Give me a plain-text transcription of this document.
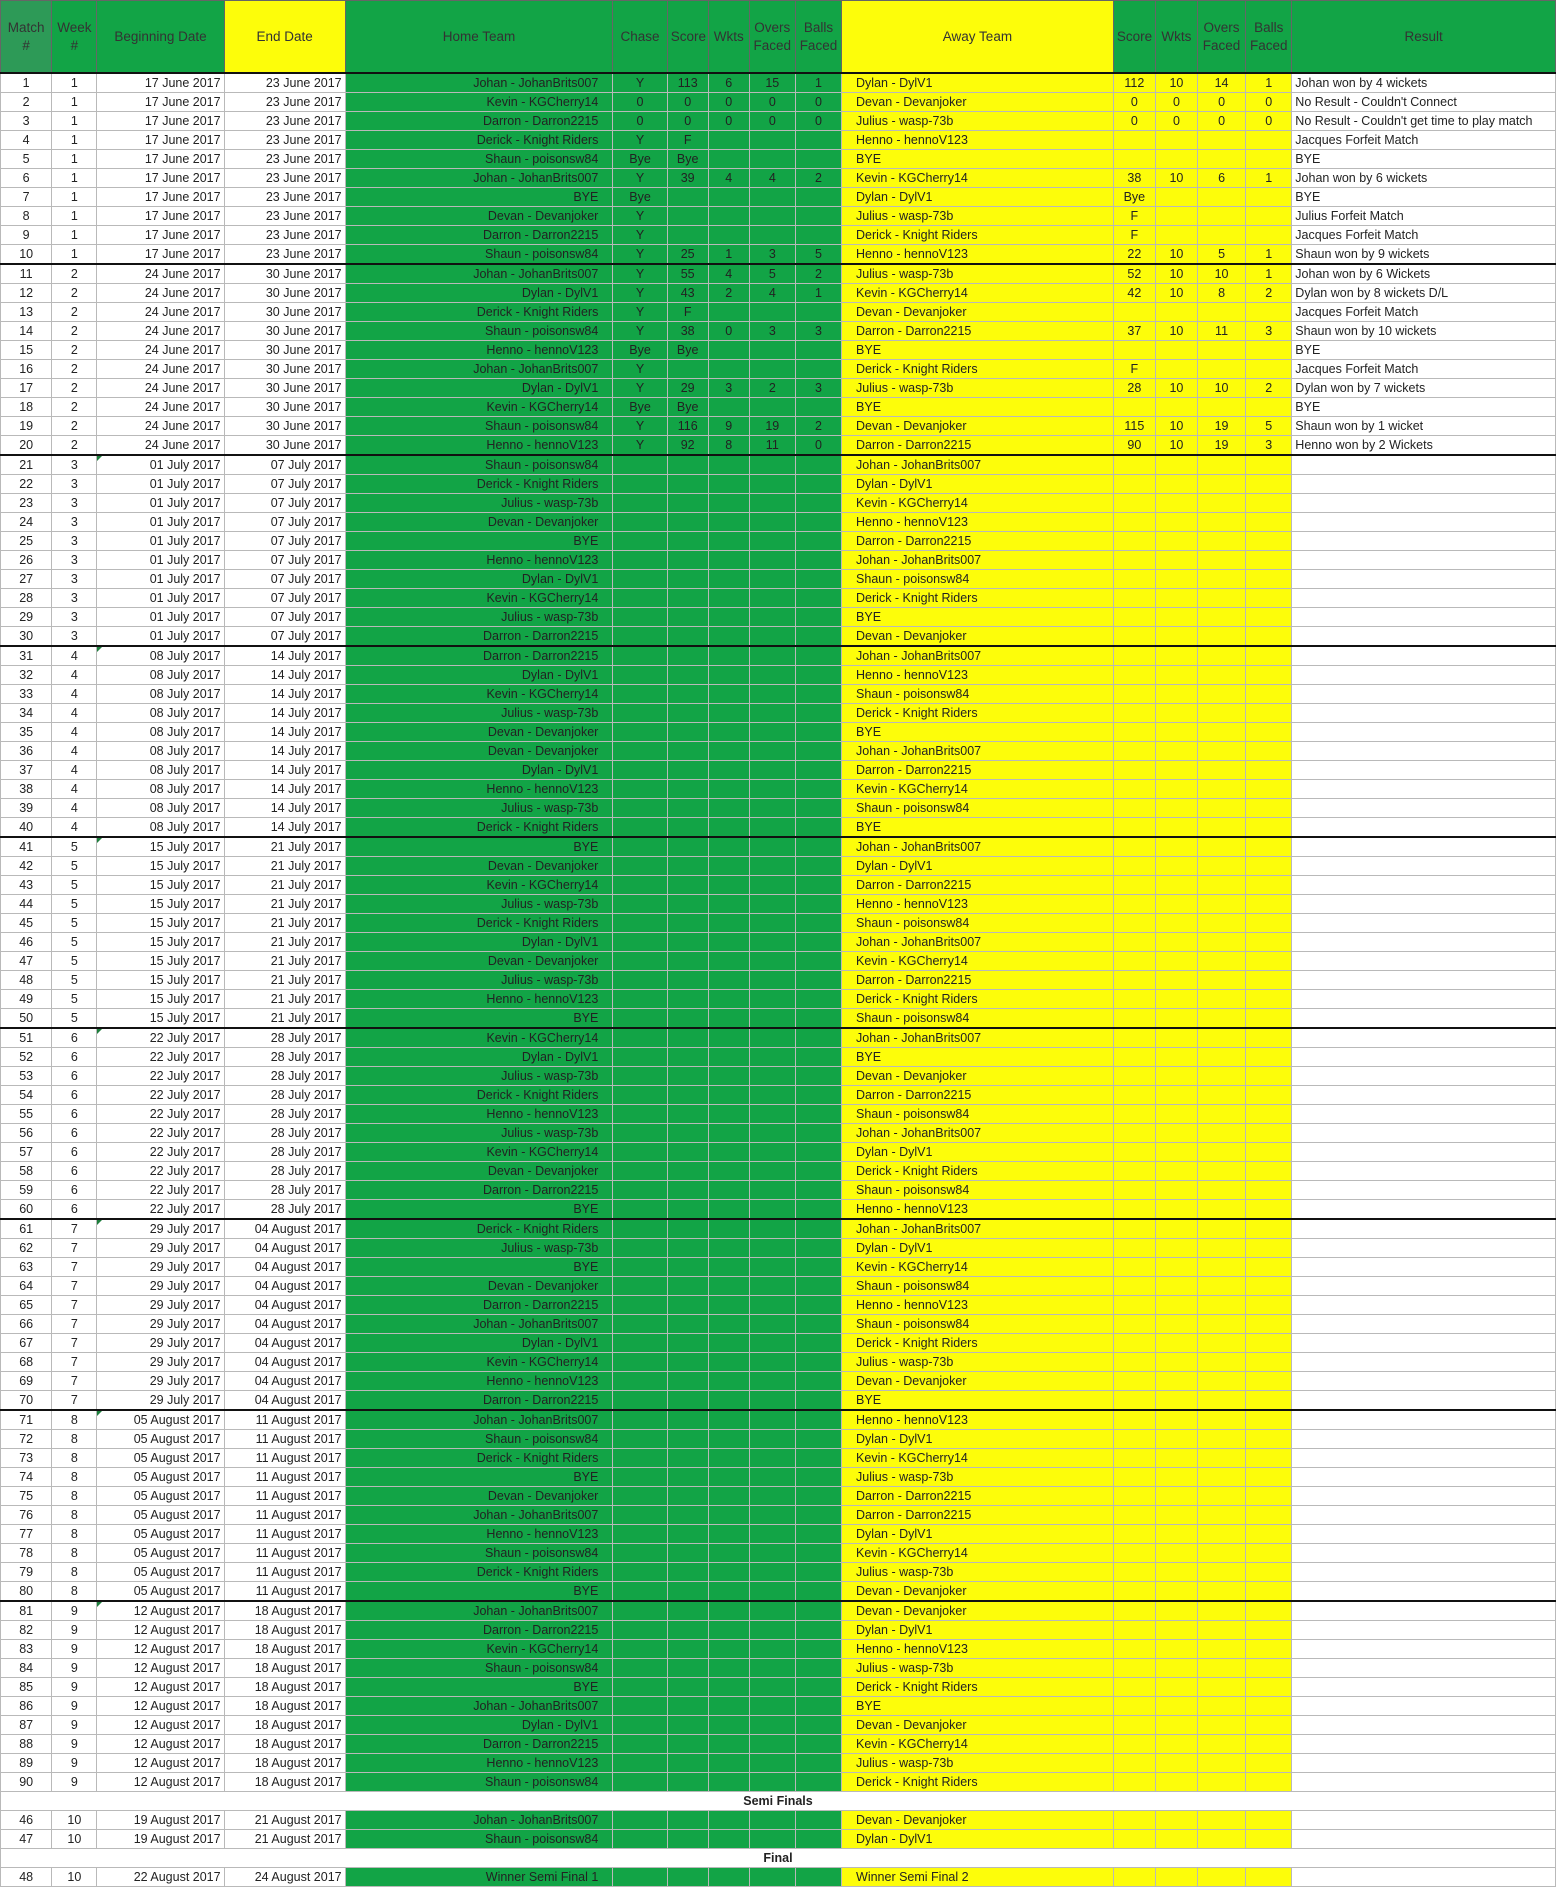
Match #	Week #	Beginning Date	End Date	Home Team	Chase	Score	Wkts	Overs Faced	Balls Faced	Away Team	Score	Wkts	Overs Faced	Balls Faced	Result
1	1	17 June 2017	23 June 2017	Johan - JohanBrits007	Y	113	6	15	1	Dylan - DylV1	112	10	14	1	Johan won by 4 wickets
2	1	17 June 2017	23 June 2017	Kevin - KGCherry14	0	0	0	0	0	Devan - Devanjoker	0	0	0	0	No Result - Couldn't Connect
3	1	17 June 2017	23 June 2017	Darron - Darron2215	0	0	0	0	0	Julius - wasp-73b	0	0	0	0	No Result - Couldn't get time to play match
4	1	17 June 2017	23 June 2017	Derick - Knight Riders	Y	F				Henno - hennoV123					Jacques Forfeit Match
5	1	17 June 2017	23 June 2017	Shaun - poisonsw84	Bye	Bye				BYE					BYE
6	1	17 June 2017	23 June 2017	Johan - JohanBrits007	Y	39	4	4	2	Kevin - KGCherry14	38	10	6	1	Johan won by 6 wickets
7	1	17 June 2017	23 June 2017	BYE	Bye					Dylan - DylV1	Bye				BYE
8	1	17 June 2017	23 June 2017	Devan - Devanjoker	Y					Julius - wasp-73b	F				Julius Forfeit Match
9	1	17 June 2017	23 June 2017	Darron - Darron2215	Y					Derick - Knight Riders	F				Jacques Forfeit Match
10	1	17 June 2017	23 June 2017	Shaun - poisonsw84	Y	25	1	3	5	Henno - hennoV123	22	10	5	1	Shaun won by 9 wickets
11	2	24 June 2017	30 June 2017	Johan - JohanBrits007	Y	55	4	5	2	Julius - wasp-73b	52	10	10	1	Johan won by 6 Wickets
12	2	24 June 2017	30 June 2017	Dylan - DylV1	Y	43	2	4	1	Kevin - KGCherry14	42	10	8	2	Dylan won by 8 wickets D/L
13	2	24 June 2017	30 June 2017	Derick - Knight Riders	Y	F				Devan - Devanjoker					Jacques Forfeit Match
14	2	24 June 2017	30 June 2017	Shaun - poisonsw84	Y	38	0	3	3	Darron - Darron2215	37	10	11	3	Shaun won by 10 wickets
15	2	24 June 2017	30 June 2017	Henno - hennoV123	Bye	Bye				BYE					BYE
16	2	24 June 2017	30 June 2017	Johan - JohanBrits007	Y					Derick - Knight Riders	F				Jacques Forfeit Match
17	2	24 June 2017	30 June 2017	Dylan - DylV1	Y	29	3	2	3	Julius - wasp-73b	28	10	10	2	Dylan won by 7 wickets
18	2	24 June 2017	30 June 2017	Kevin - KGCherry14	Bye	Bye				BYE					BYE
19	2	24 June 2017	30 June 2017	Shaun - poisonsw84	Y	116	9	19	2	Devan - Devanjoker	115	10	19	5	Shaun won by 1 wicket
20	2	24 June 2017	30 June 2017	Henno - hennoV123	Y	92	8	11	0	Darron - Darron2215	90	10	19	3	Henno won by 2 Wickets
21	3	01 July 2017	07 July 2017	Shaun - poisonsw84						Johan - JohanBrits007					
22	3	01 July 2017	07 July 2017	Derick - Knight Riders						Dylan - DylV1					
23	3	01 July 2017	07 July 2017	Julius - wasp-73b						Kevin - KGCherry14					
24	3	01 July 2017	07 July 2017	Devan - Devanjoker						Henno - hennoV123					
25	3	01 July 2017	07 July 2017	BYE						Darron - Darron2215					
26	3	01 July 2017	07 July 2017	Henno - hennoV123						Johan - JohanBrits007					
27	3	01 July 2017	07 July 2017	Dylan - DylV1						Shaun - poisonsw84					
28	3	01 July 2017	07 July 2017	Kevin - KGCherry14						Derick - Knight Riders					
29	3	01 July 2017	07 July 2017	Julius - wasp-73b						BYE					
30	3	01 July 2017	07 July 2017	Darron - Darron2215						Devan - Devanjoker					
31	4	08 July 2017	14 July 2017	Darron - Darron2215						Johan - JohanBrits007					
32	4	08 July 2017	14 July 2017	Dylan - DylV1						Henno - hennoV123					
33	4	08 July 2017	14 July 2017	Kevin - KGCherry14						Shaun - poisonsw84					
34	4	08 July 2017	14 July 2017	Julius - wasp-73b						Derick - Knight Riders					
35	4	08 July 2017	14 July 2017	Devan - Devanjoker						BYE					
36	4	08 July 2017	14 July 2017	Devan - Devanjoker						Johan - JohanBrits007					
37	4	08 July 2017	14 July 2017	Dylan - DylV1						Darron - Darron2215					
38	4	08 July 2017	14 July 2017	Henno - hennoV123						Kevin - KGCherry14					
39	4	08 July 2017	14 July 2017	Julius - wasp-73b						Shaun - poisonsw84					
40	4	08 July 2017	14 July 2017	Derick - Knight Riders						BYE					
41	5	15 July 2017	21 July 2017	BYE						Johan - JohanBrits007					
42	5	15 July 2017	21 July 2017	Devan - Devanjoker						Dylan - DylV1					
43	5	15 July 2017	21 July 2017	Kevin - KGCherry14						Darron - Darron2215					
44	5	15 July 2017	21 July 2017	Julius - wasp-73b						Henno - hennoV123					
45	5	15 July 2017	21 July 2017	Derick - Knight Riders						Shaun - poisonsw84					
46	5	15 July 2017	21 July 2017	Dylan - DylV1						Johan - JohanBrits007					
47	5	15 July 2017	21 July 2017	Devan - Devanjoker						Kevin - KGCherry14					
48	5	15 July 2017	21 July 2017	Julius - wasp-73b						Darron - Darron2215					
49	5	15 July 2017	21 July 2017	Henno - hennoV123						Derick - Knight Riders					
50	5	15 July 2017	21 July 2017	BYE						Shaun - poisonsw84					
51	6	22 July 2017	28 July 2017	Kevin - KGCherry14						Johan - JohanBrits007					
52	6	22 July 2017	28 July 2017	Dylan - DylV1						BYE					
53	6	22 July 2017	28 July 2017	Julius - wasp-73b						Devan - Devanjoker					
54	6	22 July 2017	28 July 2017	Derick - Knight Riders						Darron - Darron2215					
55	6	22 July 2017	28 July 2017	Henno - hennoV123						Shaun - poisonsw84					
56	6	22 July 2017	28 July 2017	Julius - wasp-73b						Johan - JohanBrits007					
57	6	22 July 2017	28 July 2017	Kevin - KGCherry14						Dylan - DylV1					
58	6	22 July 2017	28 July 2017	Devan - Devanjoker						Derick - Knight Riders					
59	6	22 July 2017	28 July 2017	Darron - Darron2215						Shaun - poisonsw84					
60	6	22 July 2017	28 July 2017	BYE						Henno - hennoV123					
61	7	29 July 2017	04 August 2017	Derick - Knight Riders						Johan - JohanBrits007					
62	7	29 July 2017	04 August 2017	Julius - wasp-73b						Dylan - DylV1					
63	7	29 July 2017	04 August 2017	BYE						Kevin - KGCherry14					
64	7	29 July 2017	04 August 2017	Devan - Devanjoker						Shaun - poisonsw84					
65	7	29 July 2017	04 August 2017	Darron - Darron2215						Henno - hennoV123					
66	7	29 July 2017	04 August 2017	Johan - JohanBrits007						Shaun - poisonsw84					
67	7	29 July 2017	04 August 2017	Dylan - DylV1						Derick - Knight Riders					
68	7	29 July 2017	04 August 2017	Kevin - KGCherry14						Julius - wasp-73b					
69	7	29 July 2017	04 August 2017	Henno - hennoV123						Devan - Devanjoker					
70	7	29 July 2017	04 August 2017	Darron - Darron2215						BYE					
71	8	05 August 2017	11 August 2017	Johan - JohanBrits007						Henno - hennoV123					
72	8	05 August 2017	11 August 2017	Shaun - poisonsw84						Dylan - DylV1					
73	8	05 August 2017	11 August 2017	Derick - Knight Riders						Kevin - KGCherry14					
74	8	05 August 2017	11 August 2017	BYE						Julius - wasp-73b					
75	8	05 August 2017	11 August 2017	Devan - Devanjoker						Darron - Darron2215					
76	8	05 August 2017	11 August 2017	Johan - JohanBrits007						Darron - Darron2215					
77	8	05 August 2017	11 August 2017	Henno - hennoV123						Dylan - DylV1					
78	8	05 August 2017	11 August 2017	Shaun - poisonsw84						Kevin - KGCherry14					
79	8	05 August 2017	11 August 2017	Derick - Knight Riders						Julius - wasp-73b					
80	8	05 August 2017	11 August 2017	BYE						Devan - Devanjoker					
81	9	12 August 2017	18 August 2017	Johan - JohanBrits007						Devan - Devanjoker					
82	9	12 August 2017	18 August 2017	Darron - Darron2215						Dylan - DylV1					
83	9	12 August 2017	18 August 2017	Kevin - KGCherry14						Henno - hennoV123					
84	9	12 August 2017	18 August 2017	Shaun - poisonsw84						Julius - wasp-73b					
85	9	12 August 2017	18 August 2017	BYE						Derick - Knight Riders					
86	9	12 August 2017	18 August 2017	Johan - JohanBrits007						BYE					
87	9	12 August 2017	18 August 2017	Dylan - DylV1						Devan - Devanjoker					
88	9	12 August 2017	18 August 2017	Darron - Darron2215						Kevin - KGCherry14					
89	9	12 August 2017	18 August 2017	Henno - hennoV123						Julius - wasp-73b					
90	9	12 August 2017	18 August 2017	Shaun - poisonsw84						Derick - Knight Riders					
Semi Finals															
46	10	19 August 2017	21 August 2017	Johan - JohanBrits007						Devan - Devanjoker					
47	10	19 August 2017	21 August 2017	Shaun - poisonsw84						Dylan - DylV1					
Final															
48	10	22 August 2017	24 August 2017	Winner Semi Final 1						Winner Semi Final 2					
